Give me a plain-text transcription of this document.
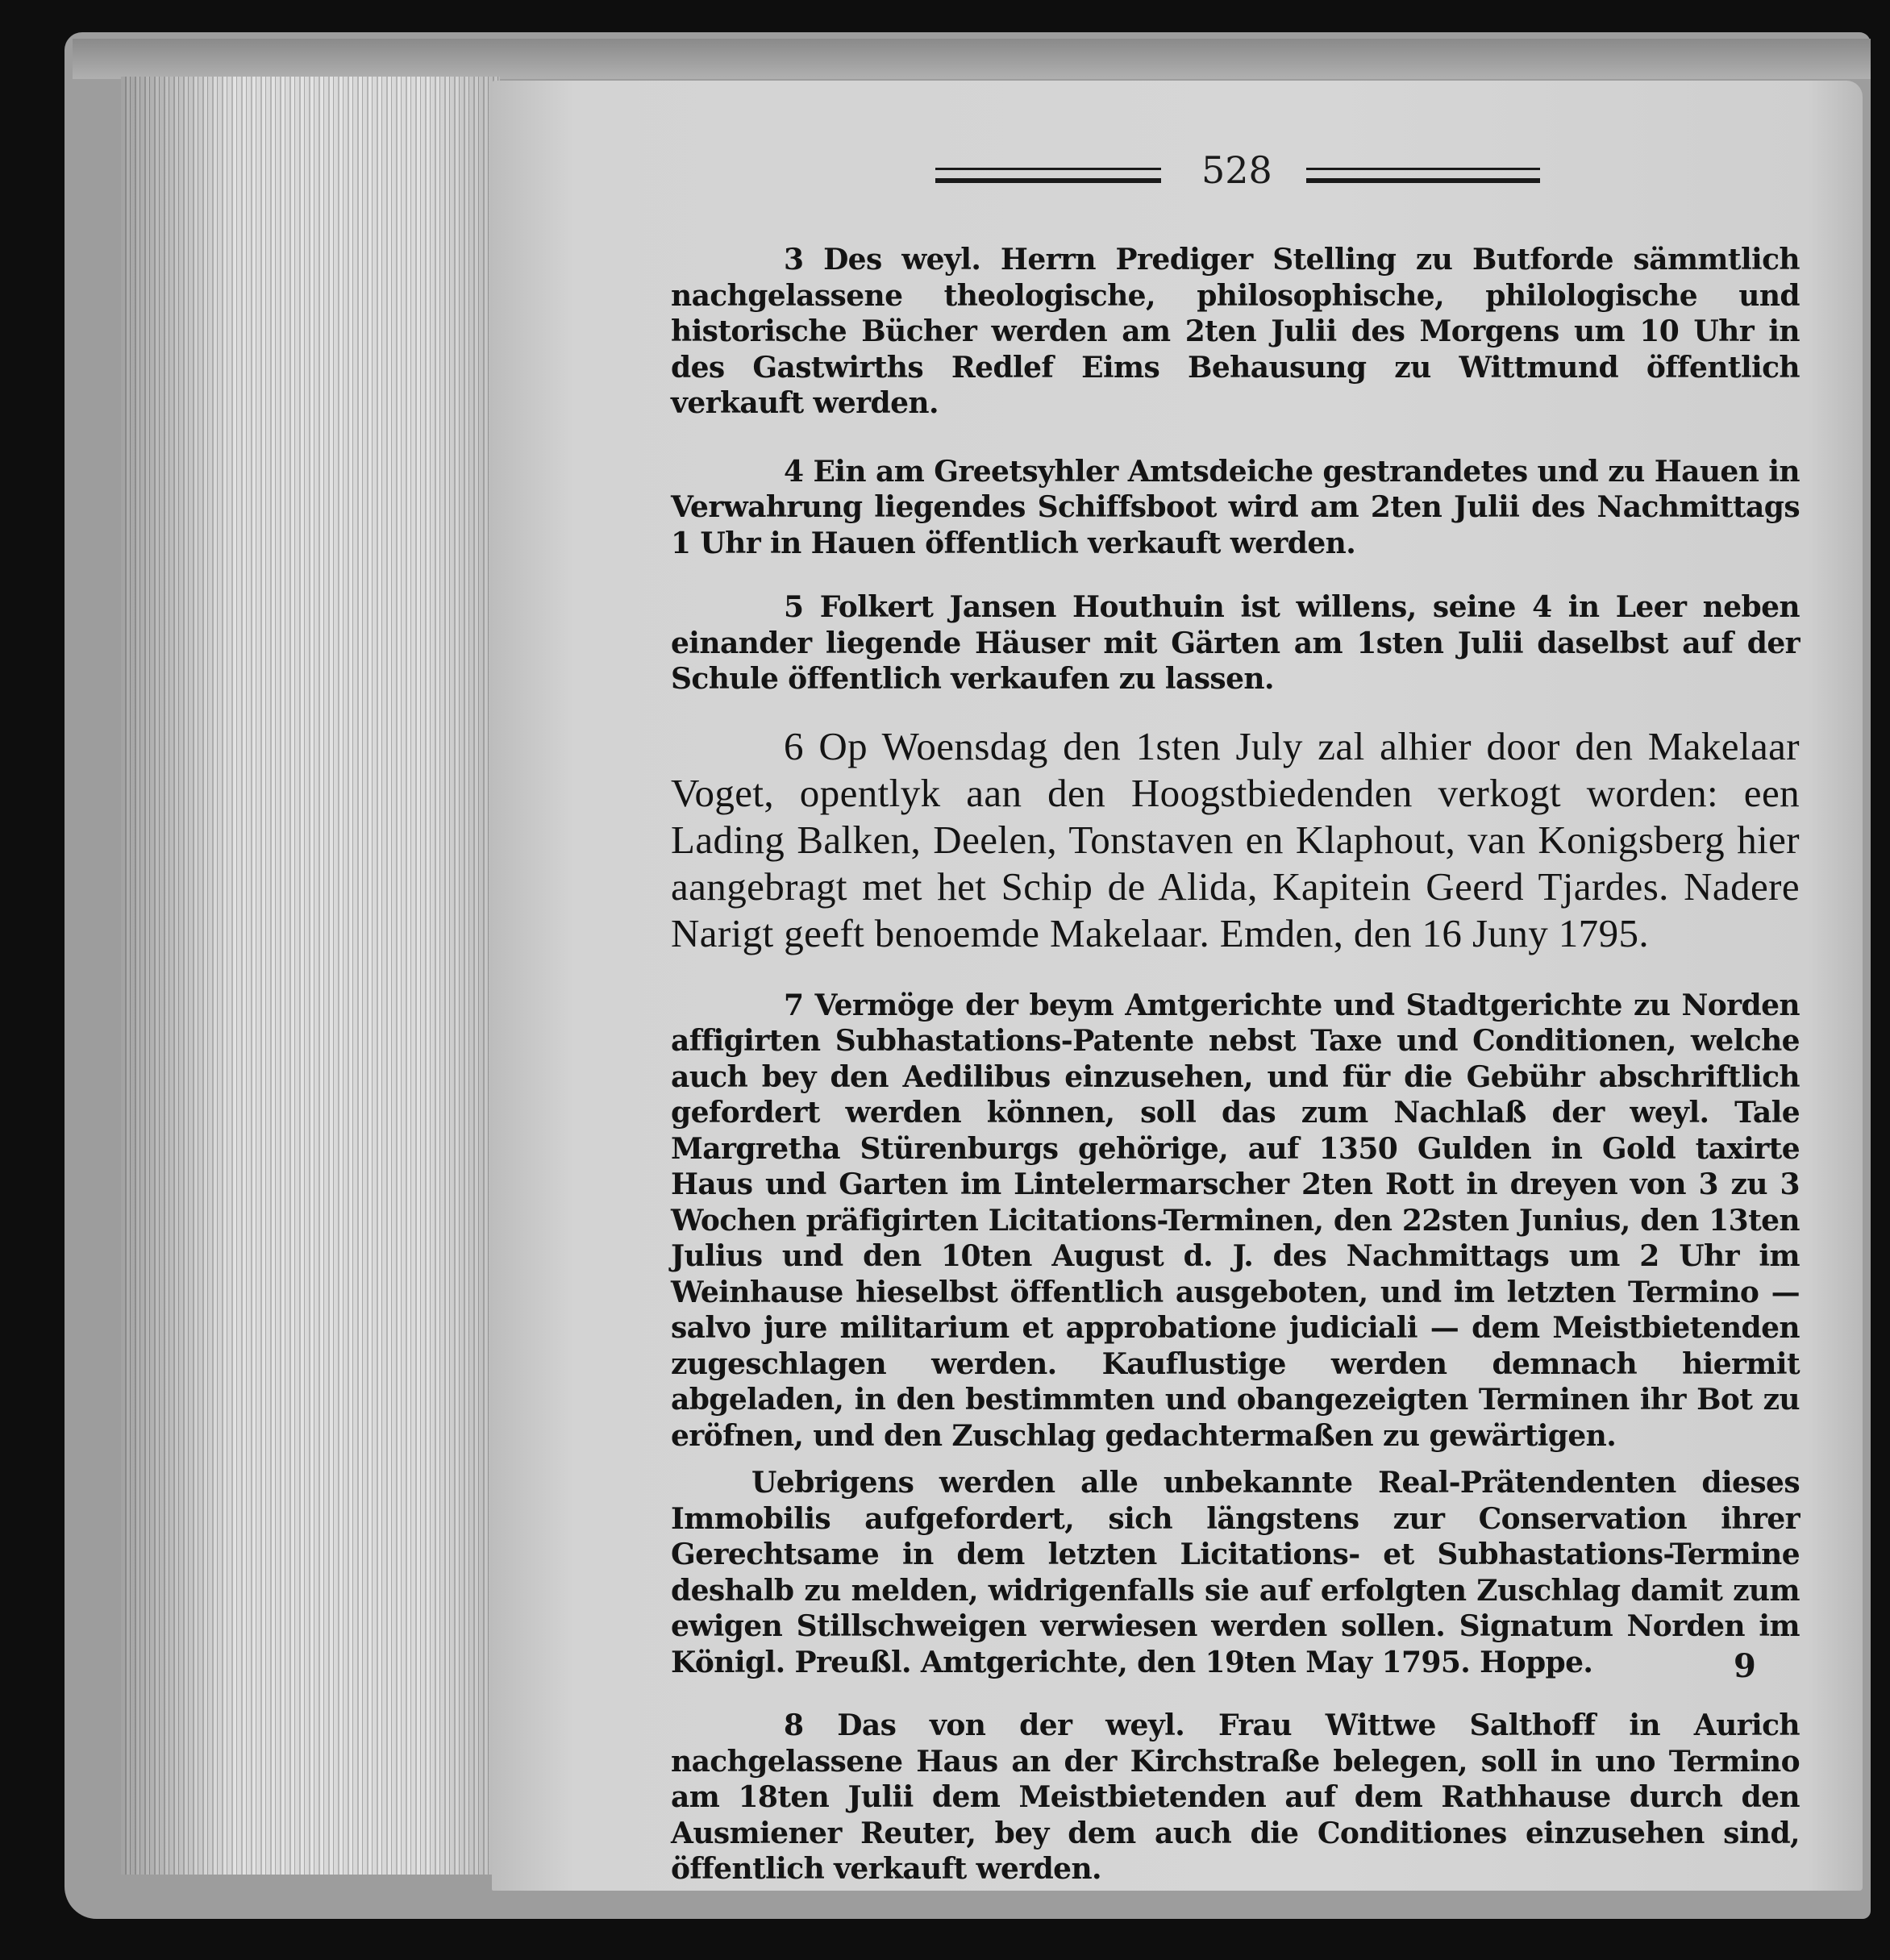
528

3 Des weyl. Herrn Prediger Stelling zu Butforde sämmtlich nachgelassene theologische, philosophische, philologische und historische Bücher werden am 2ten Julii des Morgens um 10 Uhr in des Gastwirths Redlef Eims Behausung zu Wittmund öffentlich verkauft werden.

4 Ein am Greetsyhler Amtsdeiche gestrandetes und zu Hauen in Verwahrung liegendes Schiffsboot wird am 2ten Julii des Nachmittags 1 Uhr in Hauen öffentlich verkauft werden.

5 Folkert Jansen Houthuin ist willens, seine 4 in Leer neben einander liegende Häuser mit Gärten am 1sten Julii daselbst auf der Schule öffentlich verkaufen zu lassen.

6 Op Woensdag den 1sten July zal alhier door den Makelaar Voget, opentlyk aan den Hoogstbiedenden verkogt worden: een Lading Balken, Deelen, Tonstaven en Klaphout, van Konigsberg hier aangebragt met het Schip de Alida, Kapitein Geerd Tjardes. Nadere Narigt geeft benoemde Makelaar. Emden, den 16 Juny 1795.

7 Vermöge der beym Amtgerichte und Stadtgerichte zu Norden affigirten Subhastations-Patente nebst Taxe und Conditionen, welche auch bey den Aedilibus einzusehen, und für die Gebühr abschriftlich gefordert werden können, soll das zum Nachlaß der weyl. Tale Margretha Stürenburgs gehörige, auf 1350 Gulden in Gold taxirte Haus und Garten im Lintelermarscher 2ten Rott in dreyen von 3 zu 3 Wochen präfigirten Licitations-Terminen, den 22sten Junius, den 13ten Julius und den 10ten August d. J. des Nachmittags um 2 Uhr im Weinhause hieselbst öffentlich ausgeboten, und im letzten Termino — salvo jure militarium et approbatione judiciali — dem Meistbietenden zugeschlagen werden. Kauflustige werden demnach hiermit abgeladen, in den bestimmten und obangezeigten Terminen ihr Bot zu eröfnen, und den Zuschlag gedachtermaßen zu gewärtigen.

Uebrigens werden alle unbekannte Real-Prätendenten dieses Immobilis aufgefordert, sich längstens zur Conservation ihrer Gerechtsame in dem letzten Licitations- et Subhastations-Termine deshalb zu melden, widrigenfalls sie auf erfolgten Zuschlag damit zum ewigen Stillschweigen verwiesen werden sollen. Signatum Norden im Königl. Preußl. Amtgerichte, den 19ten May 1795. Hoppe.

8 Das von der weyl. Frau Wittwe Salthoff in Aurich nachgelassene Haus an der Kirchstraße belegen, soll in uno Termino am 18ten Julii dem Meistbietenden auf dem Rathhause durch den Ausmiener Reuter, bey dem auch die Conditiones einzusehen sind, öffentlich verkauft werden.

9
